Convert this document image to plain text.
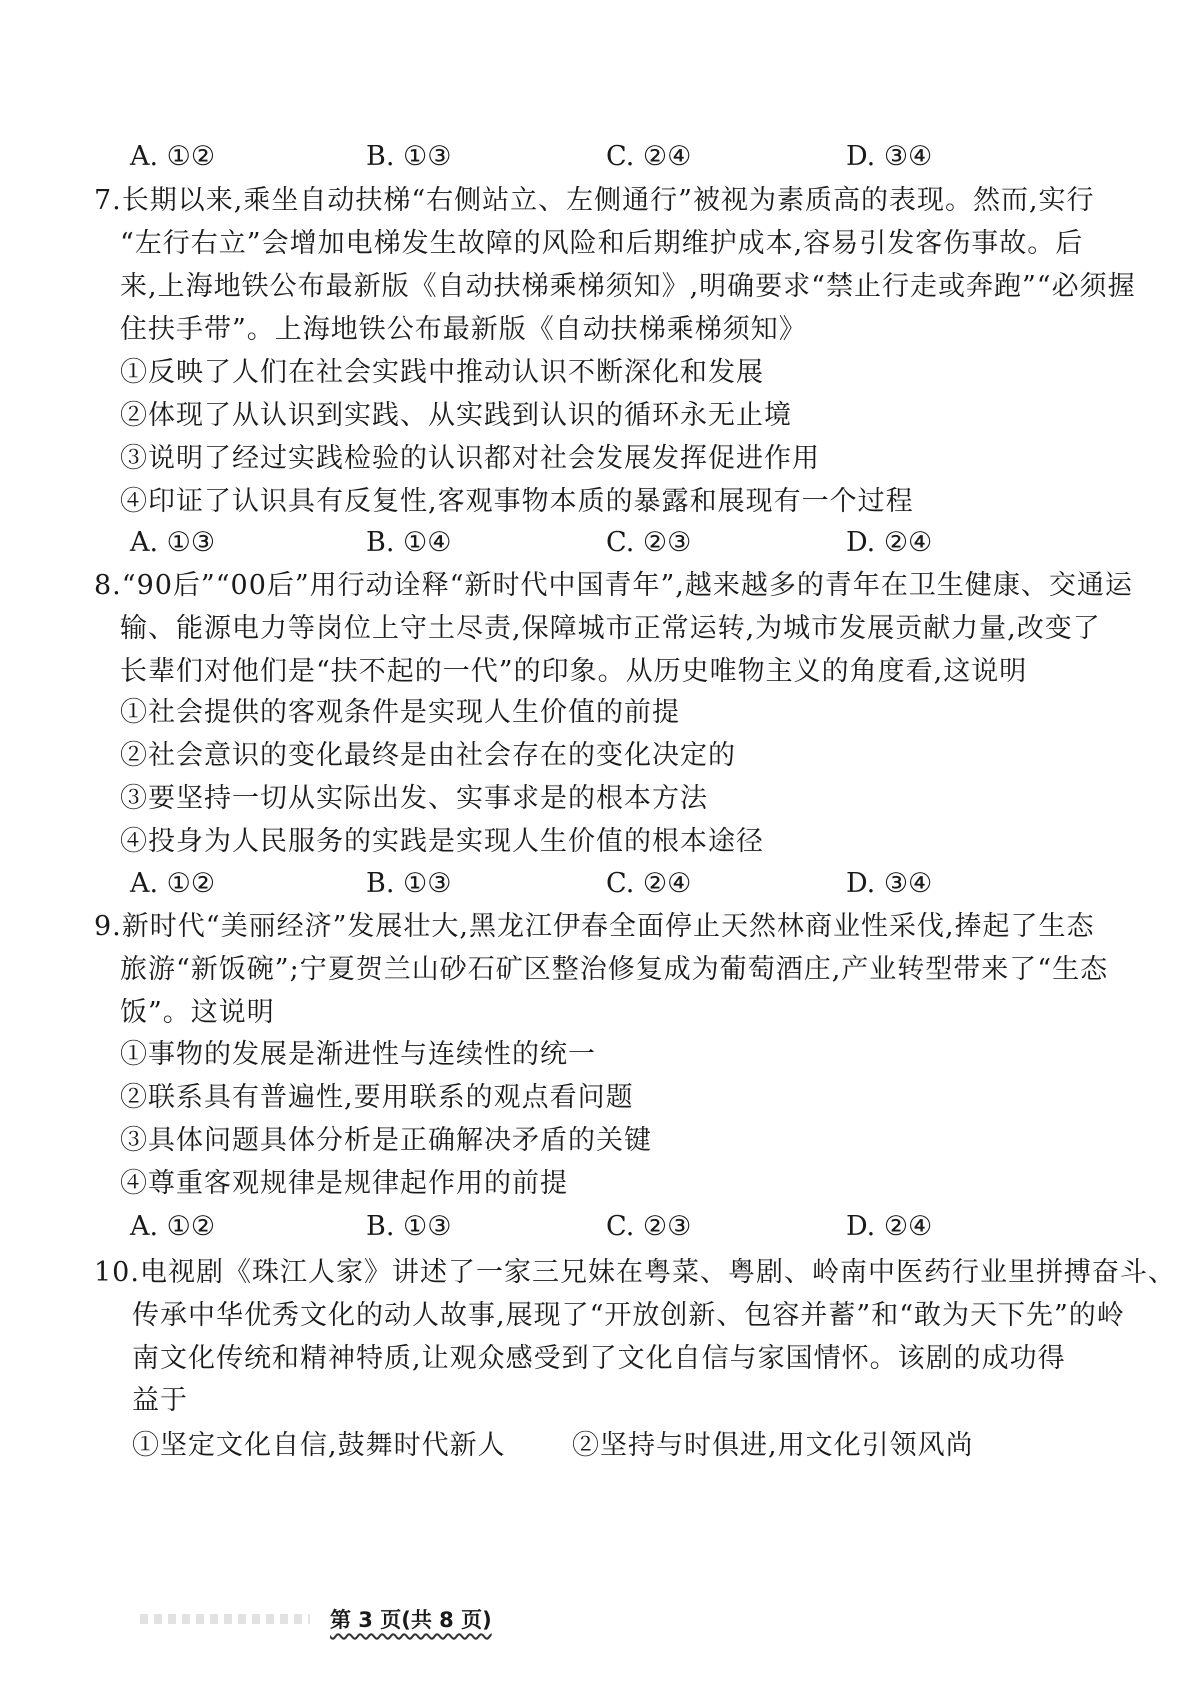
A. ①②	B. ①③	C. ②④	D. ③④
7.长期以来,乘坐自动扶梯“右侧站立、左侧通行”被视为素质高的表现。然而,实行
“左行右立”会增加电梯发生故障的风险和后期维护成本,容易引发客伤事故。后
来,上海地铁公布最新版《自动扶梯乘梯须知》,明确要求“禁止行走或奔跑”“必须握
住扶手带”。上海地铁公布最新版《自动扶梯乘梯须知》
①反映了人们在社会实践中推动认识不断深化和发展
②体现了从认识到实践、从实践到认识的循环永无止境
③说明了经过实践检验的认识都对社会发展发挥促进作用
④印证了认识具有反复性,客观事物本质的暴露和展现有一个过程
A. ①③	B. ①④	C. ②③	D. ②④
8.“90后”“00后”用行动诠释“新时代中国青年”,越来越多的青年在卫生健康、交通运
输、能源电力等岗位上守土尽责,保障城市正常运转,为城市发展贡献力量,改变了
长辈们对他们是“扶不起的一代”的印象。从历史唯物主义的角度看,这说明
①社会提供的客观条件是实现人生价值的前提
②社会意识的变化最终是由社会存在的变化决定的
③要坚持一切从实际出发、实事求是的根本方法
④投身为人民服务的实践是实现人生价值的根本途径
A. ①②	B. ①③	C. ②④	D. ③④
9.新时代“美丽经济”发展壮大,黑龙江伊春全面停止天然林商业性采伐,捧起了生态
旅游“新饭碗”;宁夏贺兰山砂石矿区整治修复成为葡萄酒庄,产业转型带来了“生态
饭”。这说明
①事物的发展是渐进性与连续性的统一
②联系具有普遍性,要用联系的观点看问题
③具体问题具体分析是正确解决矛盾的关键
④尊重客观规律是规律起作用的前提
A. ①②	B. ①③	C. ②③	D. ②④
10.电视剧《珠江人家》讲述了一家三兄妹在粤菜、粤剧、岭南中医药行业里拼搏奋斗、
传承中华优秀文化的动人故事,展现了“开放创新、包容并蓄”和“敢为天下先”的岭
南文化传统和精神特质,让观众感受到了文化自信与家国情怀。该剧的成功得
益于
①坚定文化自信,鼓舞时代新人 ②坚持与时俱进,用文化引领风尚
第 3 页(共 8 页)
